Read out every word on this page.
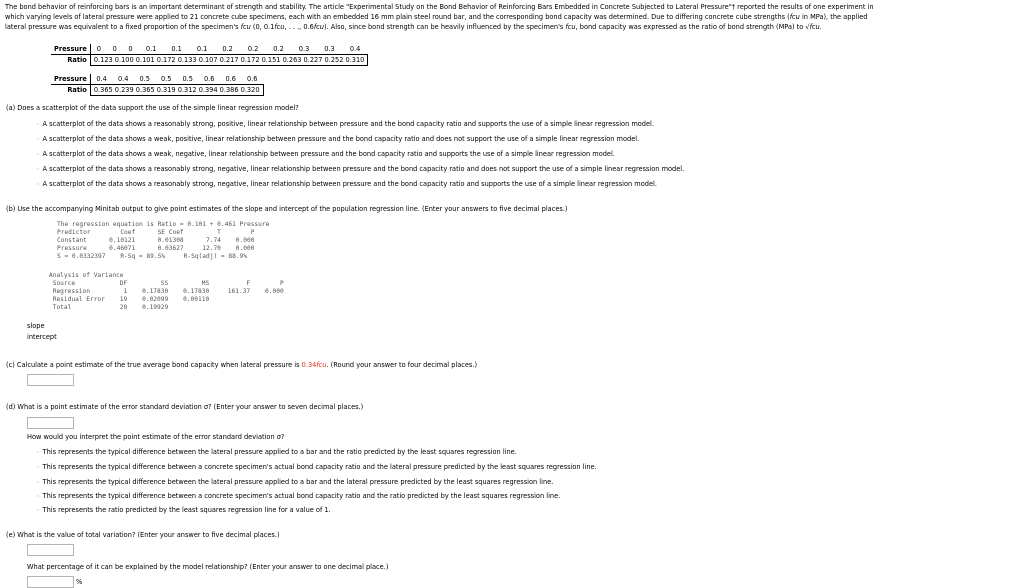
The bond behavior of reinforcing bars is an important determinant of strength and stability. The article "Experimental Study on the Bond Behavior of Reinforcing Bars Embedded in Concrete Subjected to Lateral Pressure"† reported the results of one experiment in
which varying levels of lateral pressure were applied to 21 concrete cube specimens, each with an embedded 16 mm plain steel round bar, and the corresponding bond capacity was determined. Due to differing concrete cube strengths (fcu in MPa), the applied
lateral pressure was equivalent to a fixed proportion of the specimen's fcu (0, 0.1fcu, . . ., 0.6fcu). Also, since bond strength can be heavily influenced by the specimen's fcu, bond capacity was expressed as the ratio of bond strength (MPa) to √fcu.
Pressure	0	0	0	0.1	0.1	0.1	0.2	0.2	0.2	0.3	0.3	0.4
Ratio	0.123 0.100 0.101 0.172 0.133 0.107 0.217 0.172 0.151 0.263 0.227 0.252 0.310											
Pressure	0.4	0.4	0.5	0.5	0.5	0.6	0.6	0.6
Ratio	0.365 0.239 0.365 0.319 0.312 0.394 0.386 0.320							
(a) Does a scatterplot of the data support the use of the simple linear regression model?
◦ A scatterplot of the data shows a reasonably strong, positive, linear relationship between pressure and the bond capacity ratio and supports the use of a simple linear regression model.
◦ A scatterplot of the data shows a weak, positive, linear relationship between pressure and the bond capacity ratio and does not support the use of a simple linear regression model.
◦ A scatterplot of the data shows a weak, negative, linear relationship between pressure and the bond capacity ratio and supports the use of a simple linear regression model.
◦ A scatterplot of the data shows a reasonably strong, negative, linear relationship between pressure and the bond capacity ratio and does not support the use of a simple linear regression model.
◦ A scatterplot of the data shows a reasonably strong, negative, linear relationship between pressure and the bond capacity ratio and supports the use of a simple linear regression model.
(b) Use the accompanying Minitab output to give point estimates of the slope and intercept of the population regression line. (Enter your answers to five decimal places.)
The regression equation is Ratio = 0.101 + 0.461 Pressure
Predictor        Coef      SE Coef         T        P
Constant      0.10121      0.01308      7.74    0.000
Pressure      0.46071      0.03627     12.70    0.000
S = 0.0332397    R-Sq = 89.5%     R-Sq(adj) = 88.9%
Analysis of Variance
Source            DF         SS         MS          F        P
Regression         1    0.17830    0.17830     161.37    0.000
Residual Error    19    0.02099    0.00110
Total             20    0.19929
slope
intercept
(c) Calculate a point estimate of the true average bond capacity when lateral pressure is 0.34fcu. (Round your answer to four decimal places.)
(d) What is a point estimate of the error standard deviation σ? (Enter your answer to seven decimal places.)
How would you interpret the point estimate of the error standard deviation σ?
◦ This represents the typical difference between the lateral pressure applied to a bar and the ratio predicted by the least squares regression line.
◦ This represents the typical difference between a concrete specimen's actual bond capacity ratio and the lateral pressure predicted by the least squares regression line.
◦ This represents the typical difference between the lateral pressure applied to a bar and the lateral pressure predicted by the least squares regression line.
◦ This represents the typical difference between a concrete specimen's actual bond capacity ratio and the ratio predicted by the least squares regression line.
◦ This represents the ratio predicted by the least squares regression line for a value of 1.
(e) What is the value of total variation? (Enter your answer to five decimal places.)
What percentage of it can be explained by the model relationship? (Enter your answer to one decimal place.)
%
